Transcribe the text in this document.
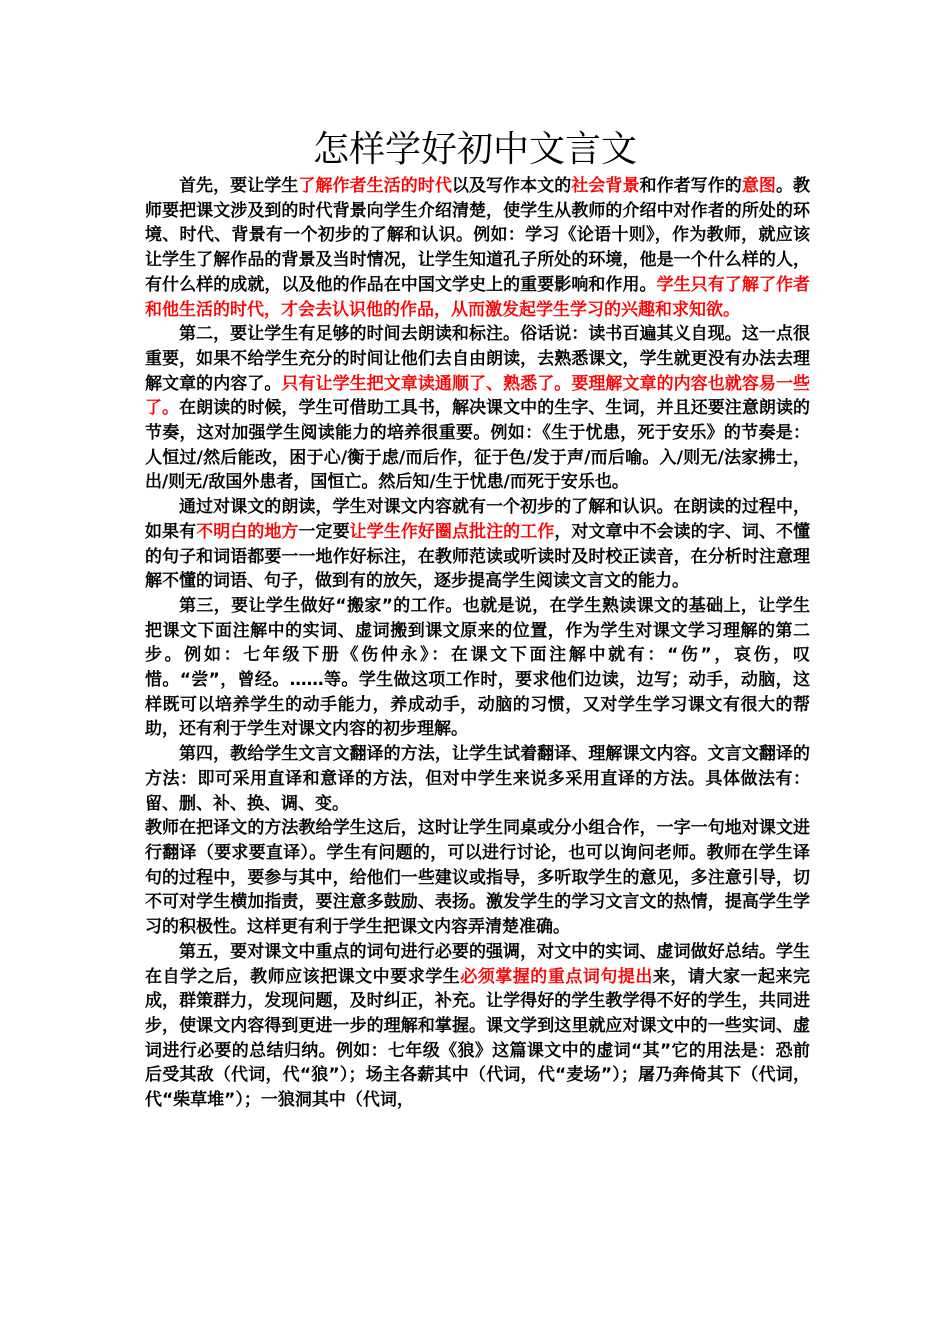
怎样学好初中文言文

首先，要让学生了解作者生活的时代以及写作本文的社会背景和作者写作的意图。教师要把课文涉及到的时代背景向学生介绍清楚，使学生从教师的介绍中对作者的所处的环境、时代、背景有一个初步的了解和认识。例如：学习《论语十则》，作为教师，就应该让学生了解作品的背景及当时情况，让学生知道孔子所处的环境，他是一个什么样的人，有什么样的成就，以及他的作品在中国文学史上的重要影响和作用。学生只有了解了作者和他生活的时代，才会去认识他的作品，从而激发起学生学习的兴趣和求知欲。

第二，要让学生有足够的时间去朗读和标注。俗话说：读书百遍其义自现。这一点很重要，如果不给学生充分的时间让他们去自由朗读，去熟悉课文，学生就更没有办法去理解文章的内容了。只有让学生把文章读通顺了、熟悉了。要理解文章的内容也就容易一些了。在朗读的时候，学生可借助工具书，解决课文中的生字、生词，并且还要注意朗读的节奏，这对加强学生阅读能力的培养很重要。例如：《生于忧患，死于安乐》的节奏是：人恒过/然后能改，困于心/衡于虑/而后作，征于色/发于声/而后喻。入/则无/法家拂士，出/则无/敌国外患者，国恒亡。然后知/生于忧患/而死于安乐也。

通过对课文的朗读，学生对课文内容就有一个初步的了解和认识。在朗读的过程中，如果有不明白的地方一定要让学生作好圈点批注的工作，对文章中不会读的字、词、不懂的句子和词语都要一一地作好标注，在教师范读或听读时及时校正读音，在分析时注意理解不懂的词语、句子，做到有的放矢，逐步提高学生阅读文言文的能力。

第三，要让学生做好“搬家”的工作。也就是说，在学生熟读课文的基础上，让学生把课文下面注解中的实词、虚词搬到课文原来的位置，作为学生对课文学习理解的第二步。例如：七年级下册《伤仲永》：在课文下面注解中就有：“伤”，哀伤，叹惜。“尝”，曾经。……等。学生做这项工作时，要求他们边读，边写；动手，动脑，这样既可以培养学生的动手能力，养成动手，动脑的习惯，又对学生学习课文有很大的帮助，还有利于学生对课文内容的初步理解。

第四，教给学生文言文翻译的方法，让学生试着翻译、理解课文内容。文言文翻译的方法：即可采用直译和意译的方法，但对中学生来说多采用直译的方法。具体做法有：留、删、补、换、调、变。

教师在把译文的方法教给学生这后，这时让学生同桌或分小组合作，一字一句地对课文进行翻译（要求要直译）。学生有问题的，可以进行讨论，也可以询问老师。教师在学生译句的过程中，要参与其中，给他们一些建议或指导，多听取学生的意见，多注意引导，切不可对学生横加指责，要注意多鼓励、表扬。激发学生的学习文言文的热情，提高学生学习的积极性。这样更有利于学生把课文内容弄清楚准确。

第五，要对课文中重点的词句进行必要的强调，对文中的实词、虚词做好总结。学生在自学之后，教师应该把课文中要求学生必须掌握的重点词句提出来，请大家一起来完成，群策群力，发现问题，及时纠正，补充。让学得好的学生教学得不好的学生，共同进步，使课文内容得到更进一步的理解和掌握。课文学到这里就应对课文中的一些实词、虚词进行必要的总结归纳。例如：七年级《狼》这篇课文中的虚词“其”它的用法是：恐前后受其敌（代词，代“狼”）；场主各薪其中（代词，代“麦场”）；屠乃奔倚其下（代词，代“柴草堆”）；一狼洞其中（代词，
